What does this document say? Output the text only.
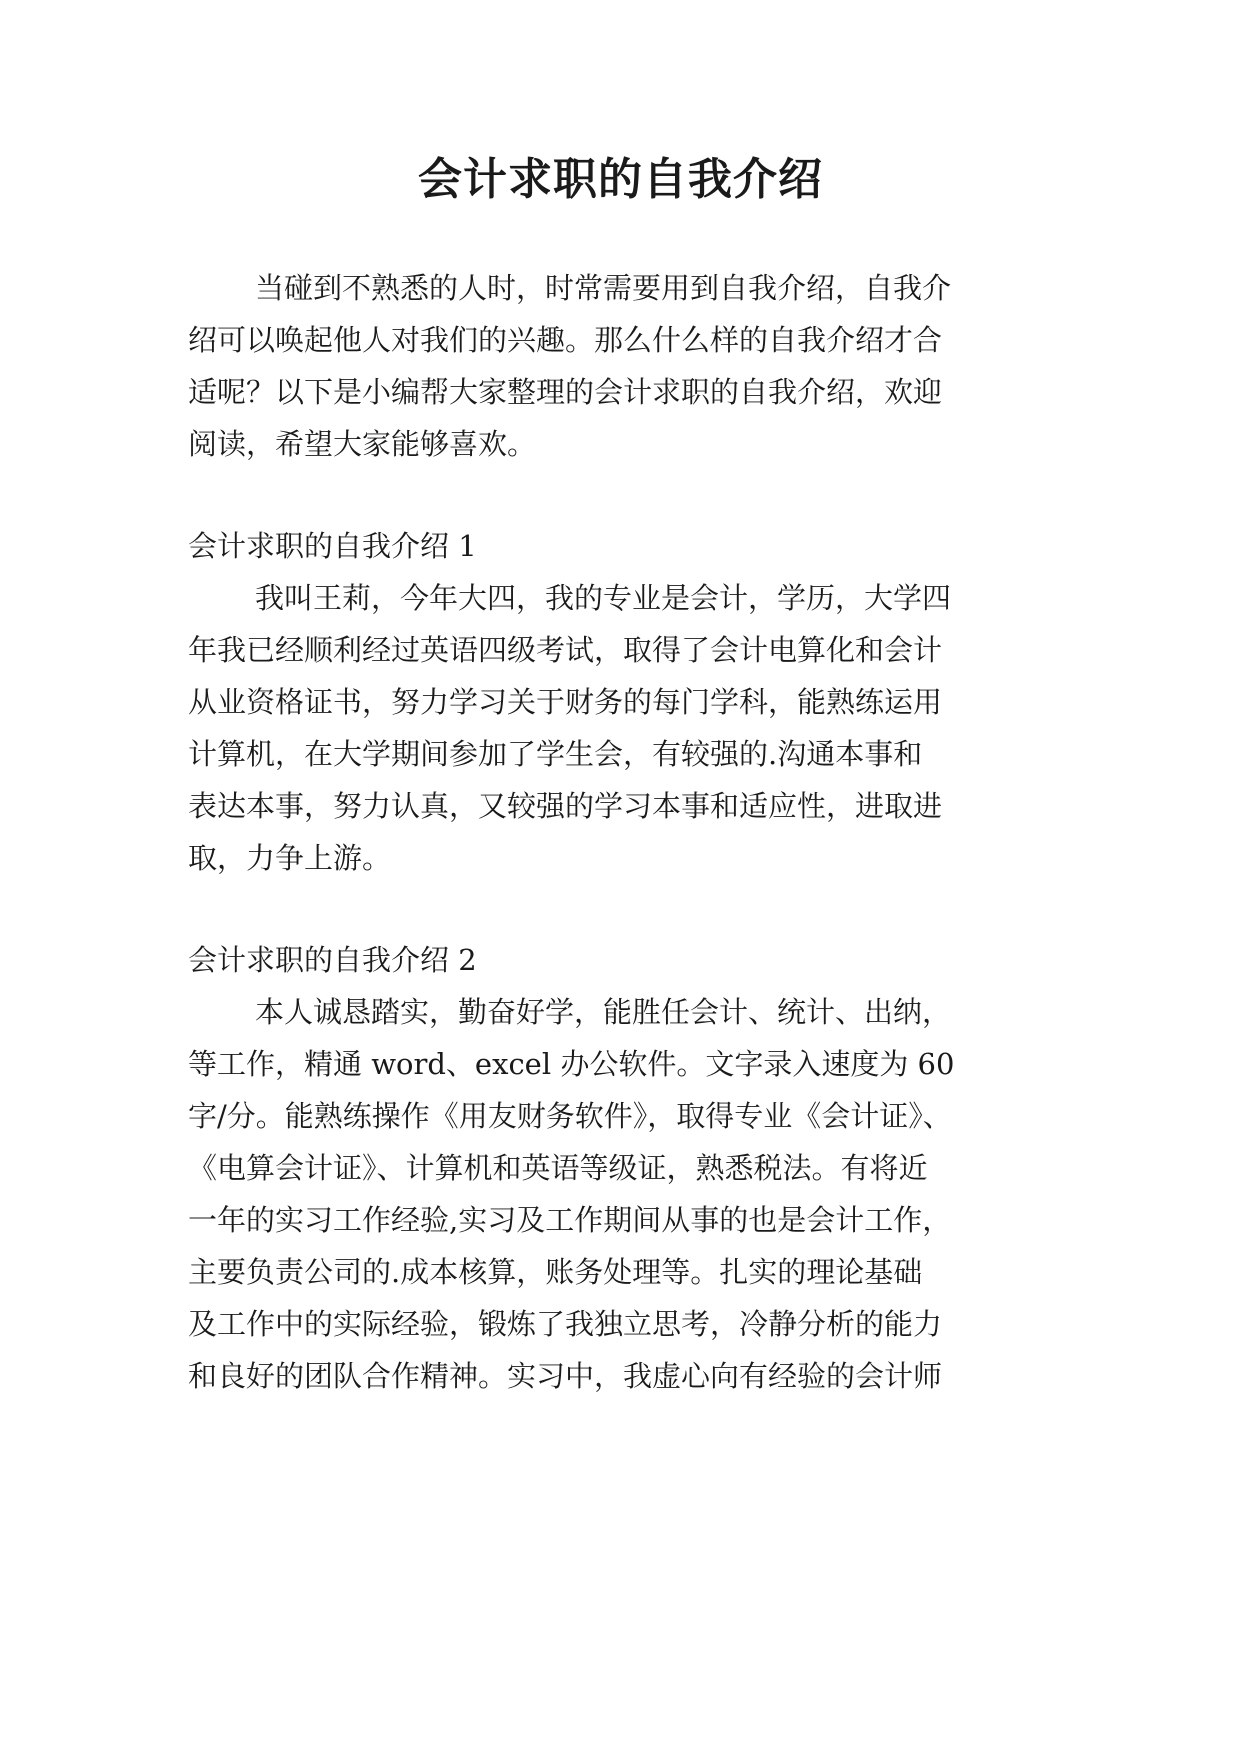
会计求职的自我介绍

当碰到不熟悉的人时，时常需要用到自我介绍，自我介

绍可以唤起他人对我们的兴趣。那么什么样的自我介绍才合

适呢？以下是小编帮大家整理的会计求职的自我介绍，欢迎

阅读，希望大家能够喜欢。

会计求职的自我介绍 1

我叫王莉，今年大四，我的专业是会计，学历，大学四

年我已经顺利经过英语四级考试，取得了会计电算化和会计

从业资格证书，努力学习关于财务的每门学科，能熟练运用

计算机，在大学期间参加了学生会，有较强的.沟通本事和

表达本事，努力认真，又较强的学习本事和适应性，进取进

取，力争上游。

会计求职的自我介绍 2

本人诚恳踏实，勤奋好学，能胜任会计、统计、出纳，

等工作，精通 word、excel 办公软件。文字录入速度为 60

字/分。能熟练操作《用友财务软件》，取得专业《会计证》、

《电算会计证》、计算机和英语等级证，熟悉税法。有将近

一年的实习工作经验,实习及工作期间从事的也是会计工作，

主要负责公司的.成本核算，账务处理等。扎实的理论基础

及工作中的实际经验，锻炼了我独立思考，冷静分析的能力

和良好的团队合作精神。实习中，我虚心向有经验的会计师
